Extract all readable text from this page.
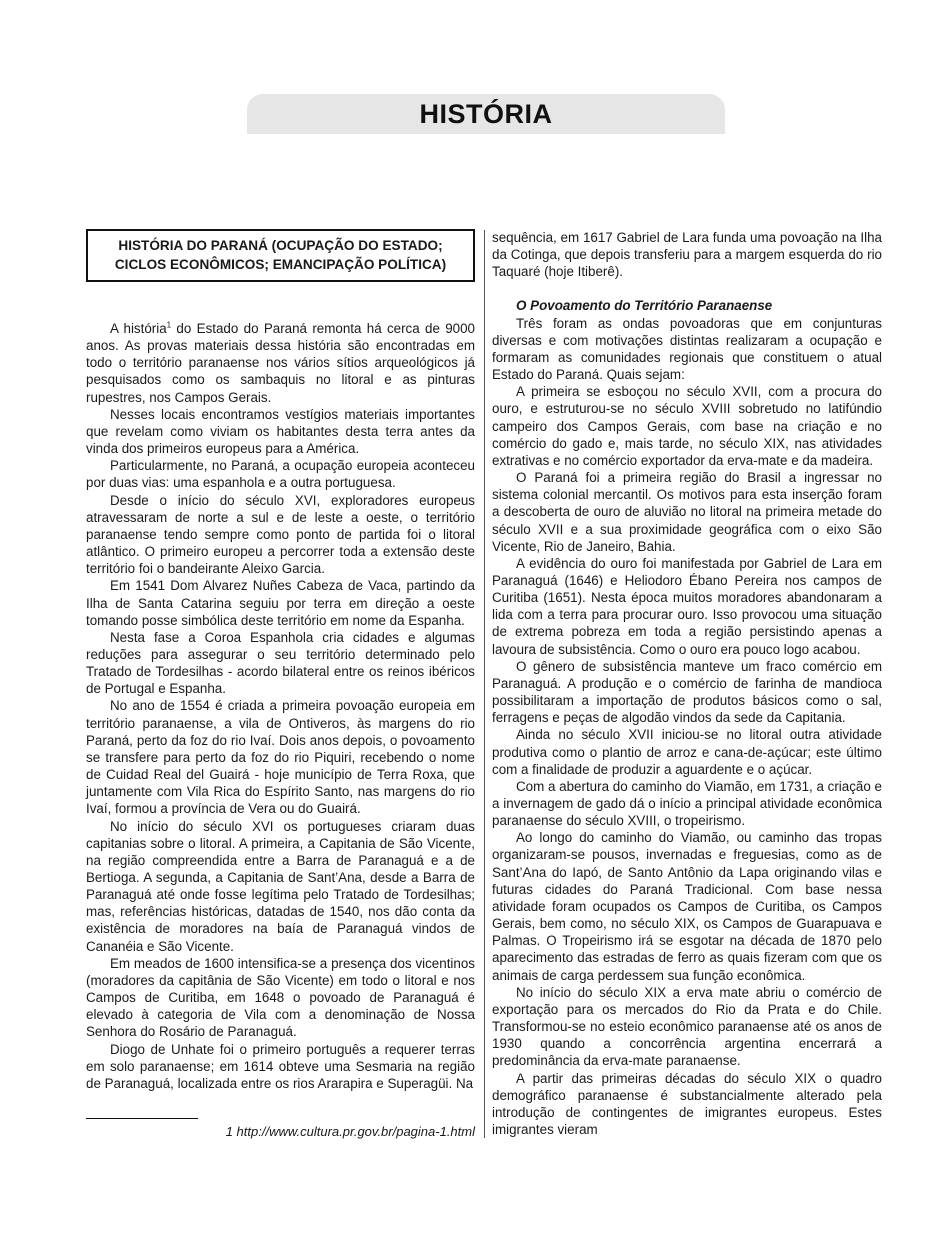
HISTÓRIA
HISTÓRIA DO PARANÁ (OCUPAÇÃO DO ESTADO;
CICLOS ECONÔMICOS; EMANCIPAÇÃO POLÍTICA)

A história$^1$ do Estado do Paraná remonta há cerca de 9000 anos. As provas materiais dessa história são encontradas em todo o território paranaense nos vários sítios arqueológicos já pesquisados como os sambaquis no litoral e as pinturas rupestres, nos Campos Gerais.

Nesses locais encontramos vestígios materiais importantes que revelam como viviam os habitantes desta terra antes da vinda dos primeiros europeus para a América.

Particularmente, no Paraná, a ocupação europeia aconteceu por duas vias: uma espanhola e a outra portuguesa.

Desde o início do século XVI, exploradores europeus atravessaram de norte a sul e de leste a oeste, o território paranaense tendo sempre como ponto de partida foi o litoral atlântico. O primeiro europeu a percorrer toda a extensão deste território foi o bandeirante Aleixo Garcia.

Em 1541 Dom Alvarez Nuñes Cabeza de Vaca, partindo da Ilha de Santa Catarina seguiu por terra em direção a oeste tomando posse simbólica deste território em nome da Espanha.

Nesta fase a Coroa Espanhola cria cidades e algumas reduções para assegurar o seu território determinado pelo Tratado de Tordesilhas - acordo bilateral entre os reinos ibéricos de Portugal e Espanha.

No ano de 1554 é criada a primeira povoação europeia em território paranaense, a vila de Ontiveros, às margens do rio Paraná, perto da foz do rio Ivaí. Dois anos depois, o povoamento se transfere para perto da foz do rio Piquiri, recebendo o nome de Cuidad Real del Guairá - hoje município de Terra Roxa, que juntamente com Vila Rica do Espírito Santo, nas margens do rio Ivaí, formou a província de Vera ou do Guairá.

No início do século XVI os portugueses criaram duas capitanias sobre o litoral. A primeira, a Capitania de São Vicente, na região compreendida entre a Barra de Paranaguá e a de Bertioga. A segunda, a Capitania de Sant’Ana, desde a Barra de Paranaguá até onde fosse legítima pelo Tratado de Tordesilhas; mas, referências históricas, datadas de 1540, nos dão conta da existência de moradores na baía de Paranaguá vindos de Cananéia e São Vicente.

Em meados de 1600 intensifica-se a presença dos vicentinos (moradores da capitânia de São Vicente) em todo o litoral e nos Campos de Curitiba, em 1648 o povoado de Paranaguá é elevado à categoria de Vila com a denominação de Nossa Senhora do Rosário de Paranaguá.

Diogo de Unhate foi o primeiro português a requerer terras em solo paranaense; em 1614 obteve uma Sesmaria na região de Paranaguá, localizada entre os rios Ararapira e Superagüi. Na

sequência, em 1617 Gabriel de Lara funda uma povoação na Ilha da Cotinga, que depois transferiu para a margem esquerda do rio Taquaré (hoje Itiberê).

O Povoamento do Território Paranaense

Três foram as ondas povoadoras que em conjunturas diversas e com motivações distintas realizaram a ocupação e formaram as comunidades regionais que constituem o atual Estado do Paraná. Quais sejam:

A primeira se esboçou no século XVII, com a procura do ouro, e estruturou-se no século XVIII sobretudo no latifúndio campeiro dos Campos Gerais, com base na criação e no comércio do gado e, mais tarde, no século XIX, nas atividades extrativas e no comércio exportador da erva-mate e da madeira.

O Paraná foi a primeira região do Brasil a ingressar no sistema colonial mercantil. Os motivos para esta inserção foram a descoberta de ouro de aluvião no litoral na primeira metade do século XVII e a sua proximidade geográfica com o eixo São Vicente, Rio de Janeiro, Bahia.

A evidência do ouro foi manifestada por Gabriel de Lara em Paranaguá (1646) e Heliodoro Ébano Pereira nos campos de Curitiba (1651). Nesta época muitos moradores abandonaram a lida com a terra para procurar ouro. Isso provocou uma situação de extrema pobreza em toda a região persistindo apenas a lavoura de subsistência. Como o ouro era pouco logo acabou.

O gênero de subsistência manteve um fraco comércio em Paranaguá. A produção e o comércio de farinha de mandioca possibilitaram a importação de produtos básicos como o sal, ferragens e peças de algodão vindos da sede da Capitania.

Ainda no século XVII iniciou-se no litoral outra atividade produtiva como o plantio de arroz e cana-de-açúcar; este último com a finalidade de produzir a aguardente e o açúcar.

Com a abertura do caminho do Viamão, em 1731, a criação e a invernagem de gado dá o início a principal atividade econômica paranaense do século XVIII, o tropeirismo.

Ao longo do caminho do Viamão, ou caminho das tropas organizaram-se pousos, invernadas e freguesias, como as de Sant’Ana do Iapó, de Santo Antônio da Lapa originando vilas e futuras cidades do Paraná Tradicional. Com base nessa atividade foram ocupados os Campos de Curitiba, os Campos Gerais, bem como, no século XIX, os Campos de Guarapuava e Palmas. O Tropeirismo irá se esgotar na década de 1870 pelo aparecimento das estradas de ferro as quais fizeram com que os animais de carga perdessem sua função econômica.

No início do século XIX a erva mate abriu o comércio de exportação para os mercados do Rio da Prata e do Chile. Transformou-se no esteio econômico paranaense até os anos de 1930 quando a concorrência argentina encerrará a predominância da erva-mate paranaense.

A partir das primeiras décadas do século XIX o quadro demográfico paranaense é substancialmente alterado pela introdução de contingentes de imigrantes europeus. Estes imigrantes vieram

1 http://www.cultura.pr.gov.br/pagina-1.html
